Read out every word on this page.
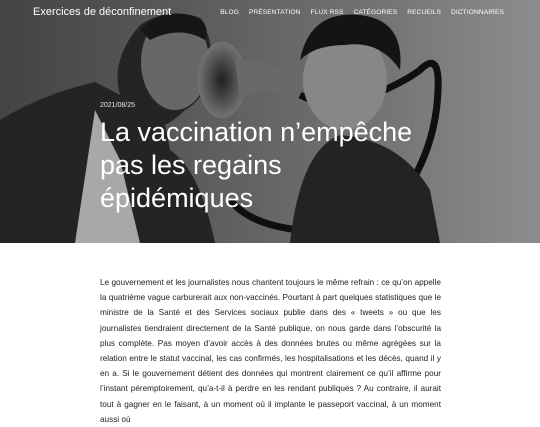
Exercices de déconfinement	BLOG PRÉSENTATION FLUX RSS CATÉGORIES RECUEILS DICTIONNAIRES
2021/08/25
La vaccination n’empêche pas les regains épidémiques

Le gouvernement et les journalistes nous chantent toujours le même refrain : ce qu’on appelle la quatrième vague carburerait aux non-vaccinés. Pourtant à part quelques statistiques que le ministre de la Santé et des Services sociaux publie dans des « tweets » ou que les journalistes tiendraient directement de la Santé publique, on nous garde dans l’obscurité la plus complète. Pas moyen d’avoir accès à des données brutes ou même agrégées sur la relation entre le statut vaccinal, les cas confirmés, les hospitalisations et les décès, quand il y en a. Si le gouvernement détient des données qui montrent clairement ce qu’il affirme pour l’instant péremptoirement, qu’a-t-il à perdre en les rendant publiques ? Au contraire, il aurait tout à gagner en le faisant, à un moment où il implante le passeport vaccinal, à un moment aussi où
